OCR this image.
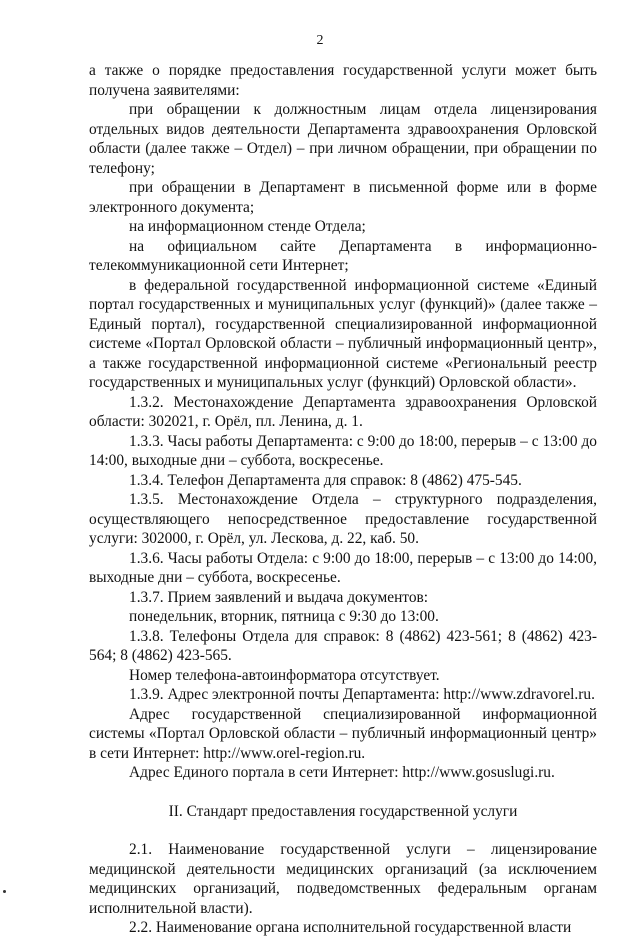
2

а также о порядке предоставления государственной услуги может быть получена заявителями:

при обращении к должностным лицам отдела лицензирования отдельных видов деятельности Департамента здравоохранения Орловской области (далее также – Отдел) – при личном обращении, при обращении по телефону;

при обращении в Департамент в письменной форме или в форме электронного документа;

на информационном стенде Отдела;

на официальном сайте Департамента в информационно-телекоммуникационной сети Интернет;

в федеральной государственной информационной системе «Единый портал государственных и муниципальных услуг (функций)» (далее также – Единый портал), государственной специализированной информационной системе «Портал Орловской области – публичный информационный центр», а также государственной информационной системе «Региональный реестр государственных и муниципальных услуг (функций) Орловской области».

1.3.2. Местонахождение Департамента здравоохранения Орловской области: 302021, г. Орёл, пл. Ленина, д. 1.

1.3.3. Часы работы Департамента: с 9:00 до 18:00, перерыв – с 13:00 до 14:00, выходные дни – суббота, воскресенье.

1.3.4. Телефон Департамента для справок: 8 (4862) 475-545.

1.3.5. Местонахождение Отдела – структурного подразделения, осуществляющего непосредственное предоставление государственной услуги: 302000, г. Орёл, ул. Лескова, д. 22, каб. 50.

1.3.6. Часы работы Отдела: с 9:00 до 18:00, перерыв – с 13:00 до 14:00, выходные дни – суббота, воскресенье.

1.3.7. Прием заявлений и выдача документов:

понедельник, вторник, пятница с 9:30 до 13:00.

1.3.8. Телефоны Отдела для справок: 8 (4862) 423-561; 8 (4862) 423-564; 8 (4862) 423-565.

Номер телефона-автоинформатора отсутствует.

1.3.9. Адрес электронной почты Департамента: http://www.zdravorel.ru.

Адрес государственной специализированной информационной системы «Портал Орловской области – публичный информационный центр» в сети Интернет: http://www.orel-region.ru.

Адрес Единого портала в сети Интернет: http://www.gosuslugi.ru.

II. Стандарт предоставления государственной услуги

2.1. Наименование государственной услуги – лицензирование медицинской деятельности медицинских организаций (за исключением медицинских организаций, подведомственных федеральным органам исполнительной власти).

2.2. Наименование органа исполнительной государственной власти
